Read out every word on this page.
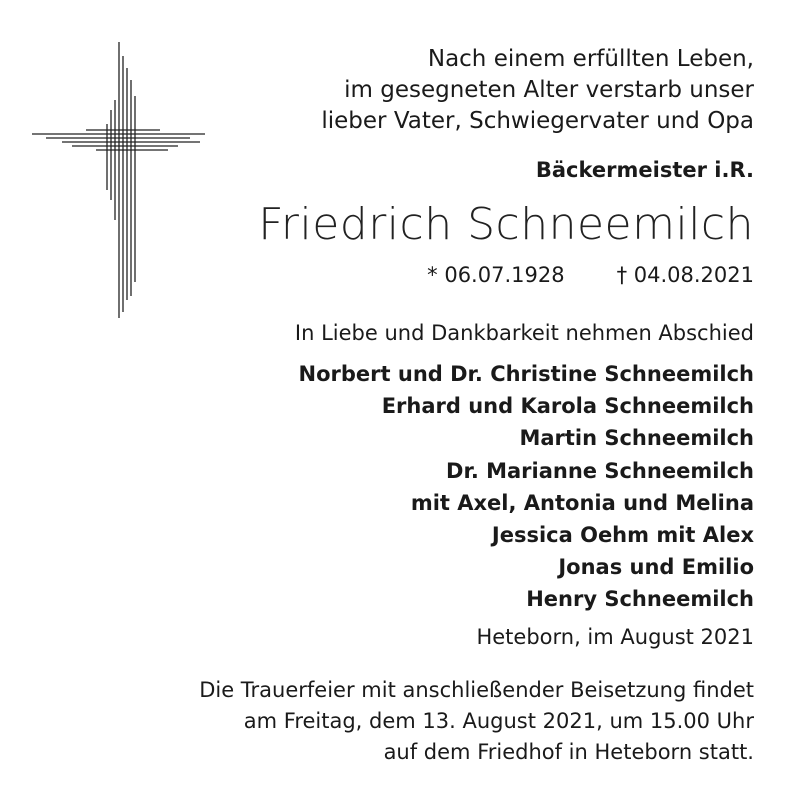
Nach einem erfüllten Leben,
im gesegneten Alter verstarb unser
lieber Vater, Schwiegervater und Opa
Bäckermeister i.R.
Friedrich Schneemilch
* 06.07.1928 † 04.08.2021
In Liebe und Dankbarkeit nehmen Abschied
Norbert und Dr. Christine Schneemilch
Erhard und Karola Schneemilch
Martin Schneemilch
Dr. Marianne Schneemilch
mit Axel, Antonia und Melina
Jessica Oehm mit Alex
Jonas und Emilio
Henry Schneemilch
Heteborn, im August 2021
Die Trauerfeier mit anschließender Beisetzung findet
am Freitag, dem 13. August 2021, um 15.00 Uhr
auf dem Friedhof in Heteborn statt.
